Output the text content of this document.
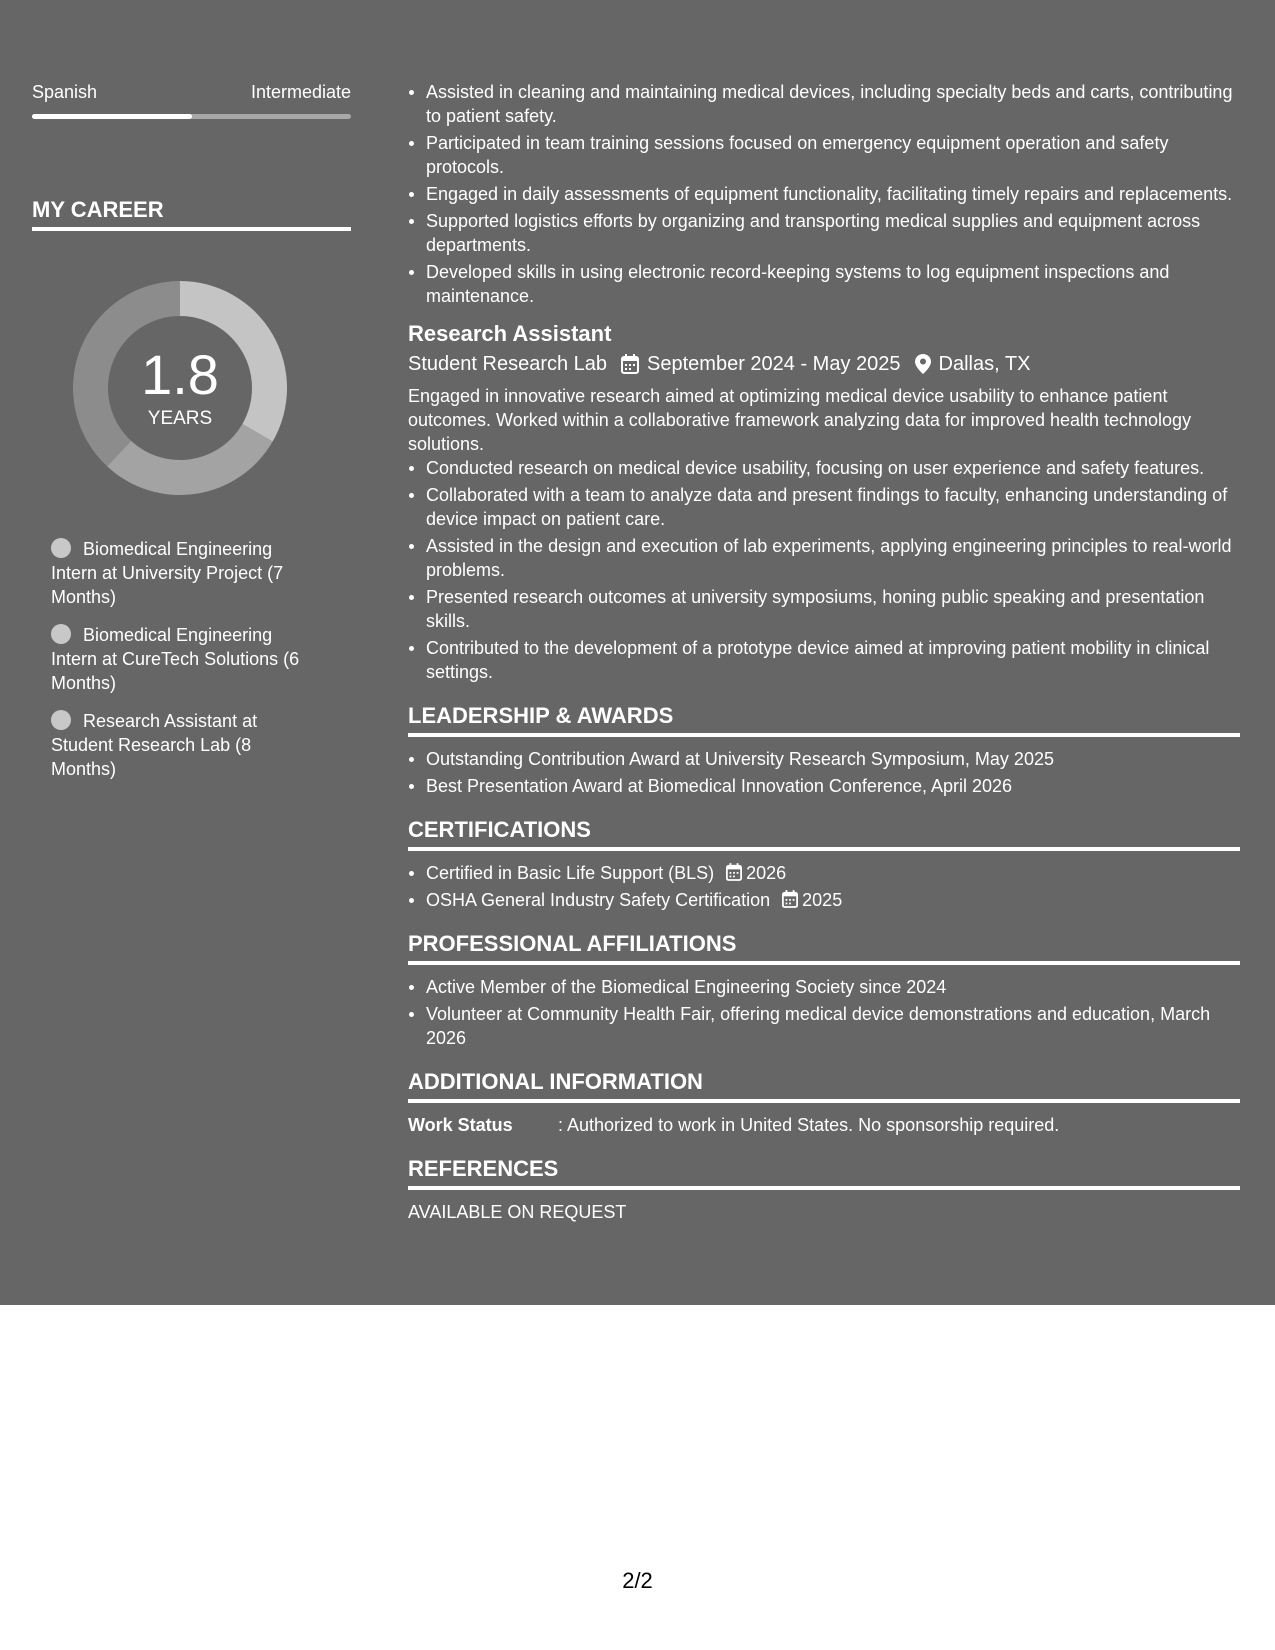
Spanish	Intermediate
MY CAREER
1.8
YEARS
Biomedical Engineering Intern at University Project (7 Months)
Biomedical Engineering Intern at CureTech Solutions (6 Months)
Research Assistant at Student Research Lab (8 Months)
Assisted in cleaning and maintaining medical devices, including specialty beds and carts, contributing to patient safety.
Participated in team training sessions focused on emergency equipment operation and safety protocols.
Engaged in daily assessments of equipment functionality, facilitating timely repairs and replacements.
Supported logistics efforts by organizing and transporting medical supplies and equipment across departments.
Developed skills in using electronic record-keeping systems to log equipment inspections and maintenance.
Research Assistant
Student Research Lab September 2024 - May 2025 Dallas, TX
Engaged in innovative research aimed at optimizing medical device usability to enhance patient outcomes. Worked within a collaborative framework analyzing data for improved health technology solutions.
Conducted research on medical device usability, focusing on user experience and safety features.
Collaborated with a team to analyze data and present findings to faculty, enhancing understanding of device impact on patient care.
Assisted in the design and execution of lab experiments, applying engineering principles to real-world problems.
Presented research outcomes at university symposiums, honing public speaking and presentation skills.
Contributed to the development of a prototype device aimed at improving patient mobility in clinical settings.
LEADERSHIP & AWARDS
Outstanding Contribution Award at University Research Symposium, May 2025
Best Presentation Award at Biomedical Innovation Conference, April 2026
CERTIFICATIONS
Certified in Basic Life Support (BLS) 2026
OSHA General Industry Safety Certification 2025
PROFESSIONAL AFFILIATIONS
Active Member of the Biomedical Engineering Society since 2024
Volunteer at Community Health Fair, offering medical device demonstrations and education, March 2026
ADDITIONAL INFORMATION
Work Status	: Authorized to work in United States. No sponsorship required.
REFERENCES
AVAILABLE ON REQUEST
2/2
